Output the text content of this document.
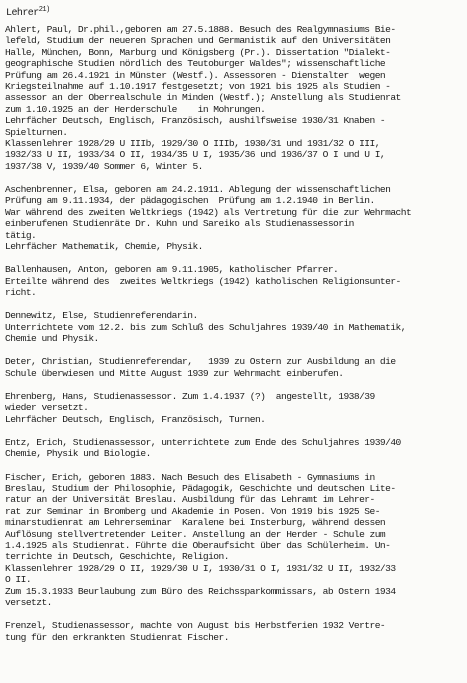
Lehrer$^{21)}$
Ahlert, Paul, Dr.phil.,geboren am 27.5.1888. Besuch des Realgymnasiums Bie-
lefeld, Studium der neueren Sprachen und Germanistik auf den Universitäten
Halle, München, Bonn, Marburg und Königsberg (Pr.). Dissertation "Dialekt-
geographische Studien nördlich des Teutoburger Waldes"; wissenschaftliche
Prüfung am 26.4.1921 in Münster (Westf.). Assessoren - Dienstalter  wegen
Kriegsteilnahme auf 1.10.1917 festgesetzt; von 1921 bis 1925 als Studien -
assessor an der Oberrealschule in Minden (Westf.); Anstellung als Studienrat
zum 1.10.1925 an der Herderschule    in Mohrungen.
Lehrfächer Deutsch, Englisch, Französisch, aushilfsweise 1930/31 Knaben -
Spielturnen.
Klassenlehrer 1928/29 U IIIb, 1929/30 O IIIb, 1930/31 und 1931/32 O III,
1932/33 U II, 1933/34 O II, 1934/35 U I, 1935/36 und 1936/37 O I und U I,
1937/38 V, 1939/40 Sommer 6, Winter 5.
Aschenbrenner, Elsa, geboren am 24.2.1911. Ablegung der wissenschaftlichen
Prüfung am 9.11.1934, der pädagogischen  Prüfung am 1.2.1940 in Berlin.
War während des zweiten Weltkriegs (1942) als Vertretung für die zur Wehrmacht
einberufenen Studienräte Dr. Kuhn und Sareiko als Studienassessorin
tätig.
Lehrfächer Mathematik, Chemie, Physik.
Ballenhausen, Anton, geboren am 9.11.1905, katholischer Pfarrer.
Erteilte während des  zweites Weltkriegs (1942) katholischen Religionsunter-
richt.
Dennewitz, Else, Studienreferendarin.
Unterrichtete vom 12.2. bis zum Schluß des Schuljahres 1939/40 in Mathematik,
Chemie und Physik.
Deter, Christian, Studienreferendar,   1939 zu Ostern zur Ausbildung an die
Schule überwiesen und Mitte August 1939 zur Wehrmacht einberufen.
Ehrenberg, Hans, Studienassessor. Zum 1.4.1937 (?)  angestellt, 1938/39
wieder versetzt.
Lehrfächer Deutsch, Englisch, Französisch, Turnen.
Entz, Erich, Studienassessor, unterrichtete zum Ende des Schuljahres 1939/40
Chemie, Physik und Biologie.
Fischer, Erich, geboren 1883. Nach Besuch des Elisabeth - Gymnasiums in
Breslau, Studium der Philosophie, Pädagogik, Geschichte und deutschen Lite-
ratur an der Universität Breslau. Ausbildung für das Lehramt im Lehrer-
rat zur Seminar in Bromberg und Akademie in Posen. Von 1919 bis 1925 Se-
minarstudienrat am Lehrerseminar  Karalene bei Insterburg, während dessen
Auflösung stellvertretender Leiter. Anstellung an der Herder - Schule zum
1.4.1925 als Studienrat. Führte die Oberaufsicht über das Schülerheim. Un-
terrichte in Deutsch, Geschichte, Religion.
Klassenlehrer 1928/29 O II, 1929/30 U I, 1930/31 O I, 1931/32 U II, 1932/33
O II.
Zum 15.3.1933 Beurlaubung zum Büro des Reichssparkommissars, ab Ostern 1934
versetzt.
Frenzel, Studienassessor, machte von August bis Herbstferien 1932 Vertre-
tung für den erkrankten Studienrat Fischer.
